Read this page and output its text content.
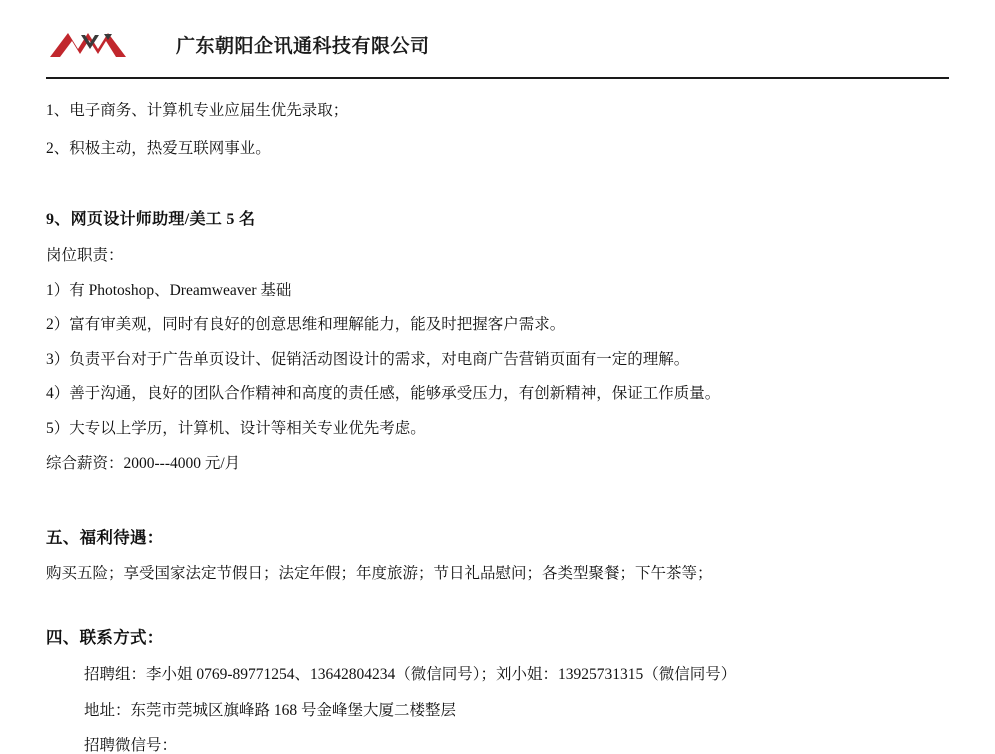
广东朝阳企讯通科技有限公司
1、电子商务、计算机专业应届生优先录取；
2、积极主动，热爱互联网事业。
9、网页设计师助理/美工 5 名
岗位职责：
1）有 Photoshop、Dreamweaver 基础
2）富有审美观，同时有良好的创意思维和理解能力，能及时把握客户需求。
3）负责平台对于广告单页设计、促销活动图设计的需求，对电商广告营销页面有一定的理解。
4）善于沟通，良好的团队合作精神和高度的责任感，能够承受压力，有创新精神，保证工作质量。
5）大专以上学历，计算机、设计等相关专业优先考虑。
综合薪资：2000---4000 元/月
五、福利待遇：
购买五险；享受国家法定节假日；法定年假；年度旅游；节日礼品慰问；各类型聚餐；下午茶等；
四、联系方式：
招聘组：李小姐 0769-89771254、13642804234（微信同号）；刘小姐：13925731315（微信同号）
地址：东莞市莞城区旗峰路 168 号金峰堡大厦二楼整层
招聘微信号：
